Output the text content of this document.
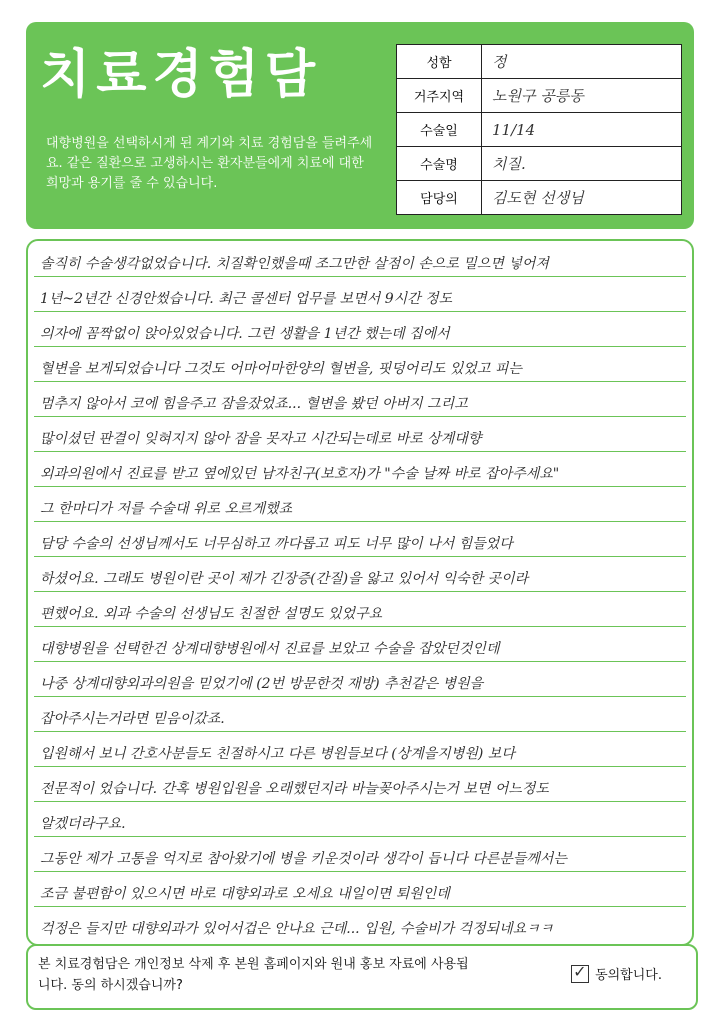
치료경험담
대향병원을 선택하시게 된 계기와 치료 경험담을 들려주세요. 같은 질환으로 고생하시는 환자분들에게 치료에 대한 희망과 용기를 줄 수 있습니다.
성함	정
거주지역	노원구 공릉동
수술일	11/14
수술명	치질.
담당의	김도현 선생님
솔직히 수술생각없었습니다. 치질확인했을때 조그만한 살점이 손으로 밀으면 넣어져
1년~2년간 신경안썼습니다. 최근 콜센터 업무를 보면서 9시간 정도
의자에 꼼짝없이 앉아있었습니다. 그런 생활을 1년간 했는데 집에서
혈변을 보게되었습니다 그것도 어마어마한양의 혈변을, 핏덩어리도 있었고 피는
멈추지 않아서 코에 힘을주고 잠을잤었죠... 혈변을 봤던 아버지 그리고
많이셨던 판결이 잊혀지지 않아 잠을 못자고 시간되는데로 바로 상계대향
외과의원에서 진료를 받고 옆에있던 남자친구(보호자)가 "수술 날짜 바로 잡아주세요"
그 한마디가 저를 수술대 위로 오르게했죠
담당 수술의 선생님께서도 너무심하고 까다롭고 피도 너무 많이 나서 힘들었다
하셨어요. 그래도 병원이란 곳이 제가 긴장증(간질)을 앓고 있어서 익숙한 곳이라
편했어요. 외과 수술의 선생님도 친절한 설명도 있었구요
대향병원을 선택한건 상계대향병원에서 진료를 보았고 수술을 잡았던것인데
나중 상계대향외과의원을 믿었기에 (2번 방문한것 재방) 추천같은 병원을
잡아주시는거라면 믿음이갔죠.
입원해서 보니 간호사분들도 친절하시고 다른 병원들보다 (상계을지병원) 보다
전문적이 었습니다. 간혹 병원입원을 오래했던지라 바늘꽂아주시는거 보면 어느정도
알겠더라구요.
그동안 제가 고통을 억지로 참아왔기에 병을 키운것이라 생각이 듭니다 다른분들께서는
조금 불편함이 있으시면 바로 대향외과로 오세요 내일이면 퇴원인데
걱정은 들지만 대향외과가 있어서겁은 안나요 근데... 입원, 수술비가 걱정되네요ㅋㅋ
본 치료경험담은 개인정보 삭제 후 본원 홈페이지와 원내 홍보 자료에 사용됩니다. 동의 하시겠습니까?
✓ 동의합니다.
